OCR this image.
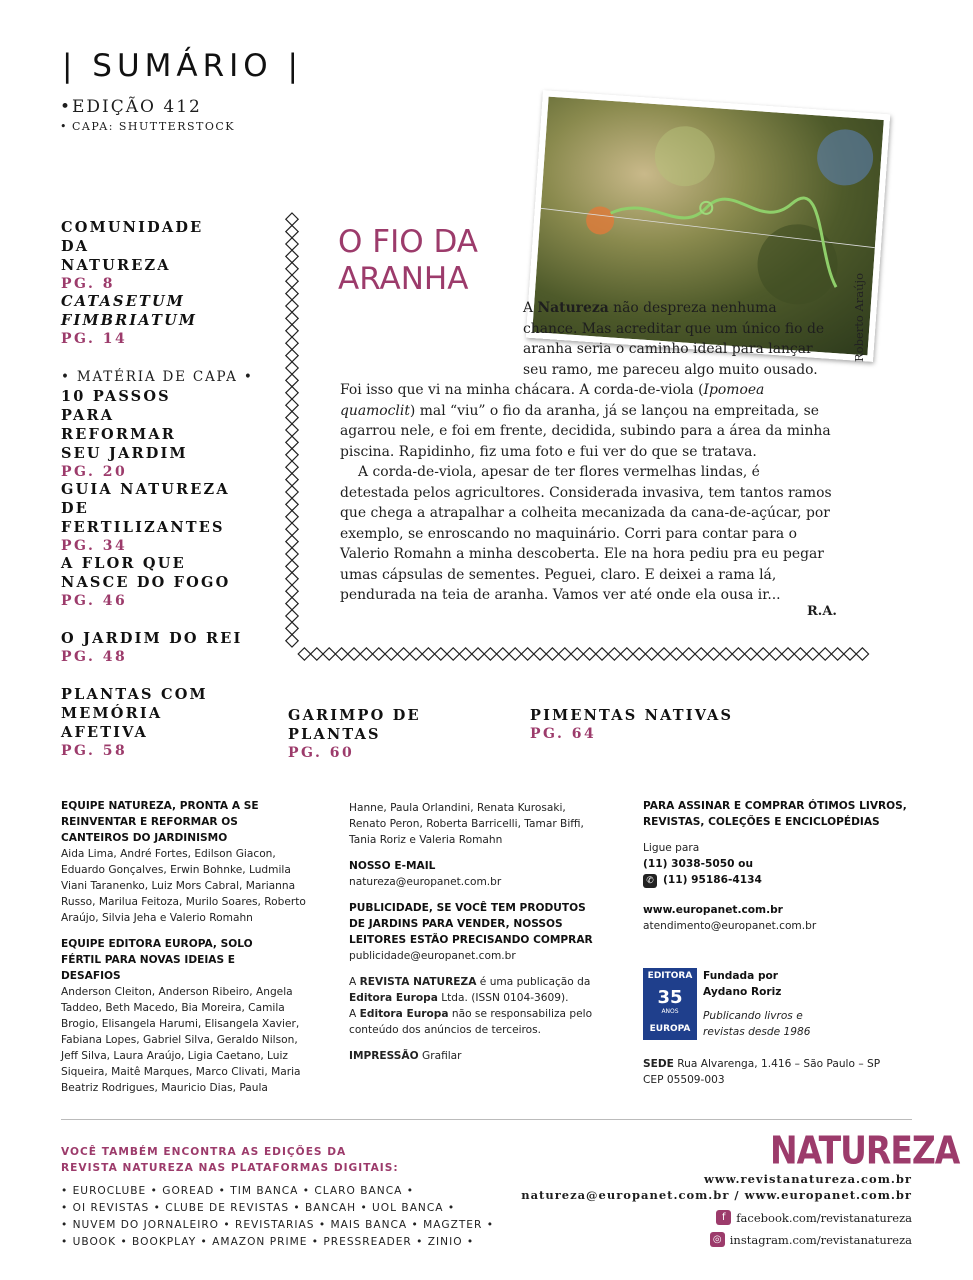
| SUMÁRIO |
•EDIÇÃO 412
• CAPA: SHUTTERSTOCK
COMUNIDADE DA NATUREZA
PG. 8
CATASETUM FIMBRIATUM
PG. 14
• MATÉRIA DE CAPA •
10 PASSOS PARA REFORMAR SEU JARDIM
PG. 20
GUIA NATUREZA DE FERTILIZANTES
PG. 34
A FLOR QUE NASCE DO FOGO
PG. 46
O JARDIM DO REI
PG. 48
PLANTAS COM MEMÓRIA AFETIVA
PG. 58
GARIMPO DE PLANTAS
PG. 60
PIMENTAS NATIVAS
PG. 64
O FIO DA ARANHA	Roberto Araújo

A Natureza não despreza nenhuma chance. Mas acreditar que um único fio de aranha seria o caminho ideal para lançar seu ramo, me pareceu algo muito ousado. Foi isso que vi na minha chácara. A corda-de-viola (Ipomoea quamoclit) mal “viu” o fio da aranha, já se lançou na empreitada, se agarrou nele, e foi em frente, decidida, subindo para a área da minha piscina. Rapidinho, fiz uma foto e fui ver do que se tratava.

A corda-de-viola, apesar de ter flores vermelhas lindas, é detestada pelos agricultores. Considerada invasiva, tem tantos ramos que chega a atrapalhar a colheita mecanizada da cana-de-açúcar, por exemplo, se enroscando no maquinário. Corri para contar para o Valerio Romahn a minha descoberta. Ele na hora pediu pra eu pegar umas cápsulas de sementes. Peguei, claro. E deixei a rama lá, pendurada na teia de aranha. Vamos ver até onde ela ousa ir...

R.A.

EQUIPE NATUREZA, PRONTA A SE REINVENTAR E REFORMAR OS CANTEIROS DO JARDINISMO
Aida Lima, André Fortes, Edilson Giacon, Eduardo Gonçalves, Erwin Bohnke, Ludmila Viani Taranenko, Luiz Mors Cabral, Marianna Russo, Marilua Feitoza, Murilo Soares, Roberto Araújo, Silvia Jeha e Valerio Romahn

EQUIPE EDITORA EUROPA, SOLO FÉRTIL PARA NOVAS IDEIAS E DESAFIOS
Anderson Cleiton, Anderson Ribeiro, Angela Taddeo, Beth Macedo, Bia Moreira, Camila Brogio, Elisangela Harumi, Elisangela Xavier, Fabiana Lopes, Gabriel Silva, Geraldo Nilson, Jeff Silva, Laura Araújo, Ligia Caetano, Luiz Siqueira, Maitê Marques, Marco Clivati, Maria Beatriz Rodrigues, Mauricio Dias, Paula

Hanne, Paula Orlandini, Renata Kurosaki, Renato Peron, Roberta Barricelli, Tamar Biffi, Tania Roriz e Valeria Romahn

NOSSO E-MAIL
natureza@europanet.com.br

PUBLICIDADE, SE VOCÊ TEM PRODUTOS DE JARDINS PARA VENDER, NOSSOS LEITORES ESTÃO PRECISANDO COMPRAR
publicidade@europanet.com.br

A REVISTA NATUREZA é uma publicação da Editora Europa Ltda. (ISSN 0104-3609).
A Editora Europa não se responsabiliza pelo conteúdo dos anúncios de terceiros.

IMPRESSÃO Grafilar

PARA ASSINAR E COMPRAR ÓTIMOS LIVROS, REVISTAS, COLEÇÕES E ENCICLOPÉDIAS

Ligue para
(11) 3038-5050 ou
✆ (11) 95186-4134
www.europanet.com.br
atendimento@europanet.com.br
EDITORA
35
ANOS
EUROPA
Fundada por Aydano Roriz
Publicando livros e revistas desde 1986
SEDE Rua Alvarenga, 1.416 – São Paulo – SP
CEP 05509-003
VOCÊ TAMBÉM ENCONTRA AS EDIÇÕES DA
REVISTA NATUREZA NAS PLATAFORMAS DIGITAIS:
• EUROCLUBE • GOREAD • TIM BANCA • CLARO BANCA •
• OI REVISTAS • CLUBE DE REVISTAS • BANCAH • UOL BANCA •
• NUVEM DO JORNALEIRO • REVISTARIAS • MAIS BANCA • MAGZTER •
• UBOOK • BOOKPLAY • AMAZON PRIME • PRESSREADER • ZINIO •
NATUREZA
www.revistanatureza.com.br
natureza@europanet.com.br / www.europanet.com.br
f facebook.com/revistanatureza
◎ instagram.com/revistanatureza
